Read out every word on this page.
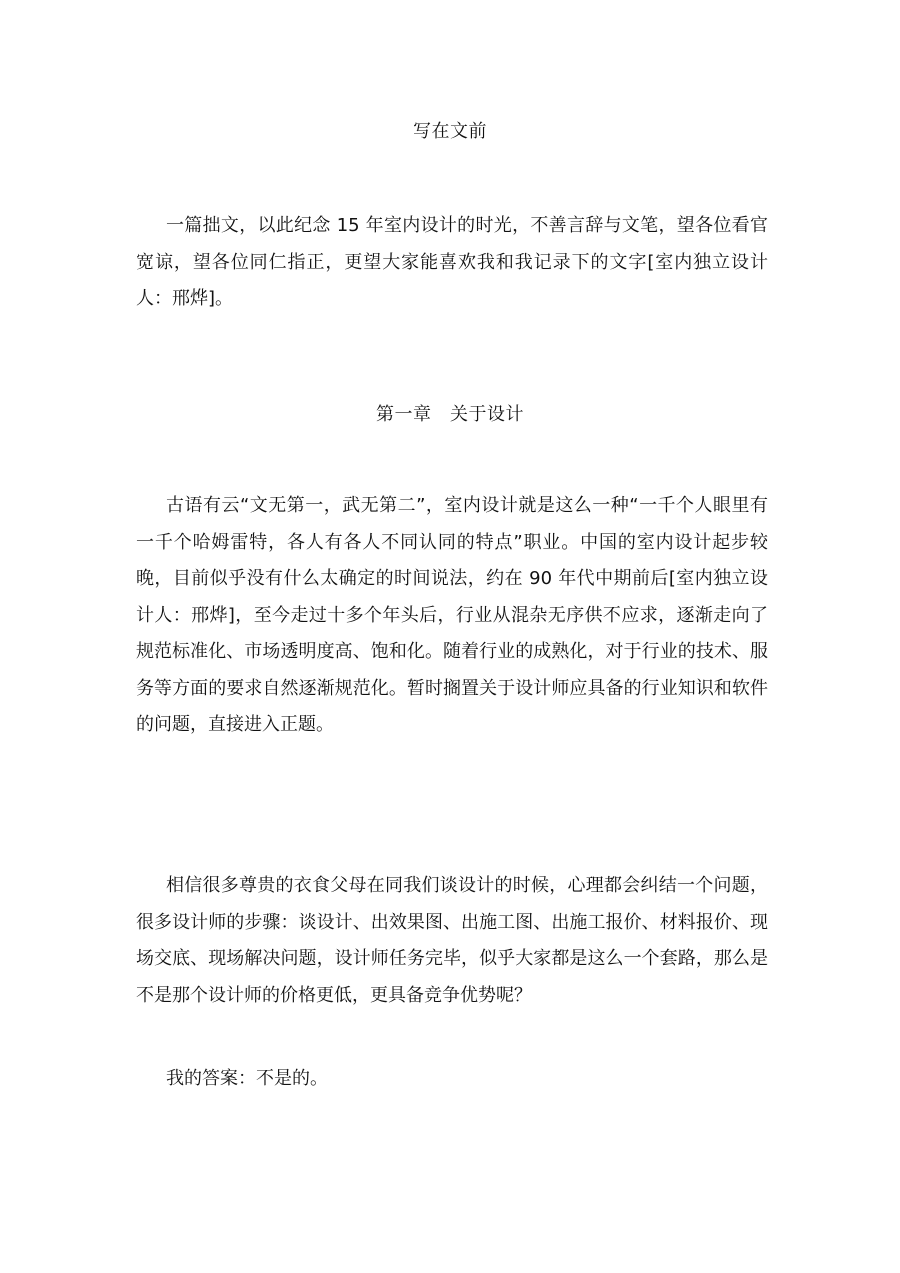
写在文前

一篇拙文，以此纪念 15 年室内设计的时光，不善言辞与文笔，望各位看官宽谅，望各位同仁指正，更望大家能喜欢我和我记录下的文字[室内独立设计人：邢烨]。

第一章　关于设计

古语有云“文无第一，武无第二”，室内设计就是这么一种“一千个人眼里有一千个哈姆雷特，各人有各人不同认同的特点”职业。中国的室内设计起步较晚，目前似乎没有什么太确定的时间说法，约在 90 年代中期前后[室内独立设计人：邢烨]，至今走过十多个年头后，行业从混杂无序供不应求，逐渐走向了规范标准化、市场透明度高、饱和化。随着行业的成熟化，对于行业的技术、服务等方面的要求自然逐渐规范化。暂时搁置关于设计师应具备的行业知识和软件的问题，直接进入正题。

相信很多尊贵的衣食父母在同我们谈设计的时候，心理都会纠结一个问题，很多设计师的步骤：谈设计、出效果图、出施工图、出施工报价、材料报价、现场交底、现场解决问题，设计师任务完毕，似乎大家都是这么一个套路，那么是不是那个设计师的价格更低，更具备竞争优势呢？

我的答案：不是的。
